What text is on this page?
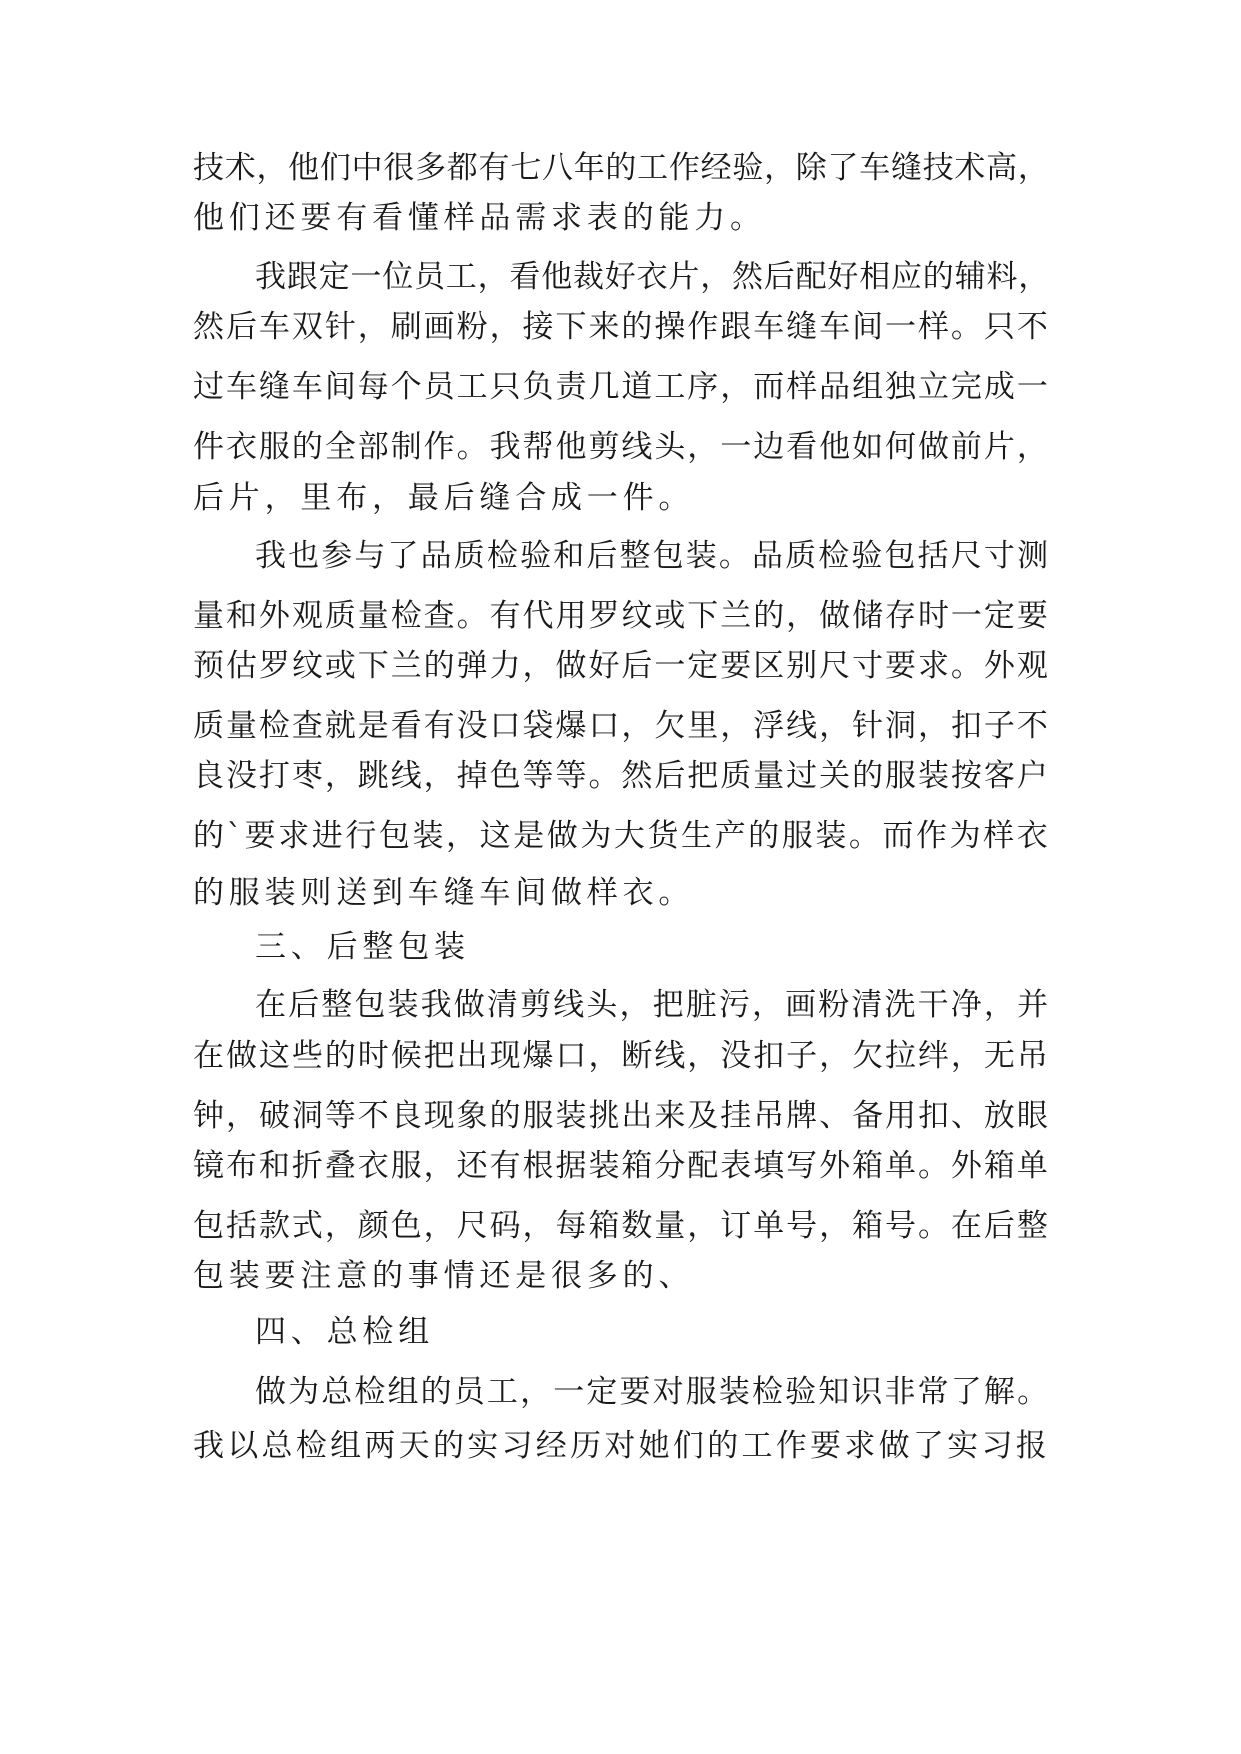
技术，他们中很多都有七八年的工作经验，除了车缝技术高，
他们还要有看懂样品需求表的能力。
我跟定一位员工，看他裁好衣片，然后配好相应的辅料，
然后车双针，刷画粉，接下来的操作跟车缝车间一样。只不
过车缝车间每个员工只负责几道工序，而样品组独立完成一
件衣服的全部制作。我帮他剪线头，一边看他如何做前片，
后片，里布，最后缝合成一件。
我也参与了品质检验和后整包装。品质检验包括尺寸测
量和外观质量检查。有代用罗纹或下兰的，做储存时一定要
预估罗纹或下兰的弹力，做好后一定要区别尺寸要求。外观
质量检查就是看有没口袋爆口，欠里，浮线，针洞，扣子不
良没打枣，跳线，掉色等等。然后把质量过关的服装按客户
的`要求进行包装，这是做为大货生产的服装。而作为样衣
的服装则送到车缝车间做样衣。
三、后整包装
在后整包装我做清剪线头，把脏污，画粉清洗干净，并
在做这些的时候把出现爆口，断线，没扣子，欠拉绊，无吊
钟，破洞等不良现象的服装挑出来及挂吊牌、备用扣、放眼
镜布和折叠衣服，还有根据装箱分配表填写外箱单。外箱单
包括款式，颜色，尺码，每箱数量，订单号，箱号。在后整
包装要注意的事情还是很多的、
四、总检组
做为总检组的员工，一定要对服装检验知识非常了解。
我以总检组两天的实习经历对她们的工作要求做了实习报
